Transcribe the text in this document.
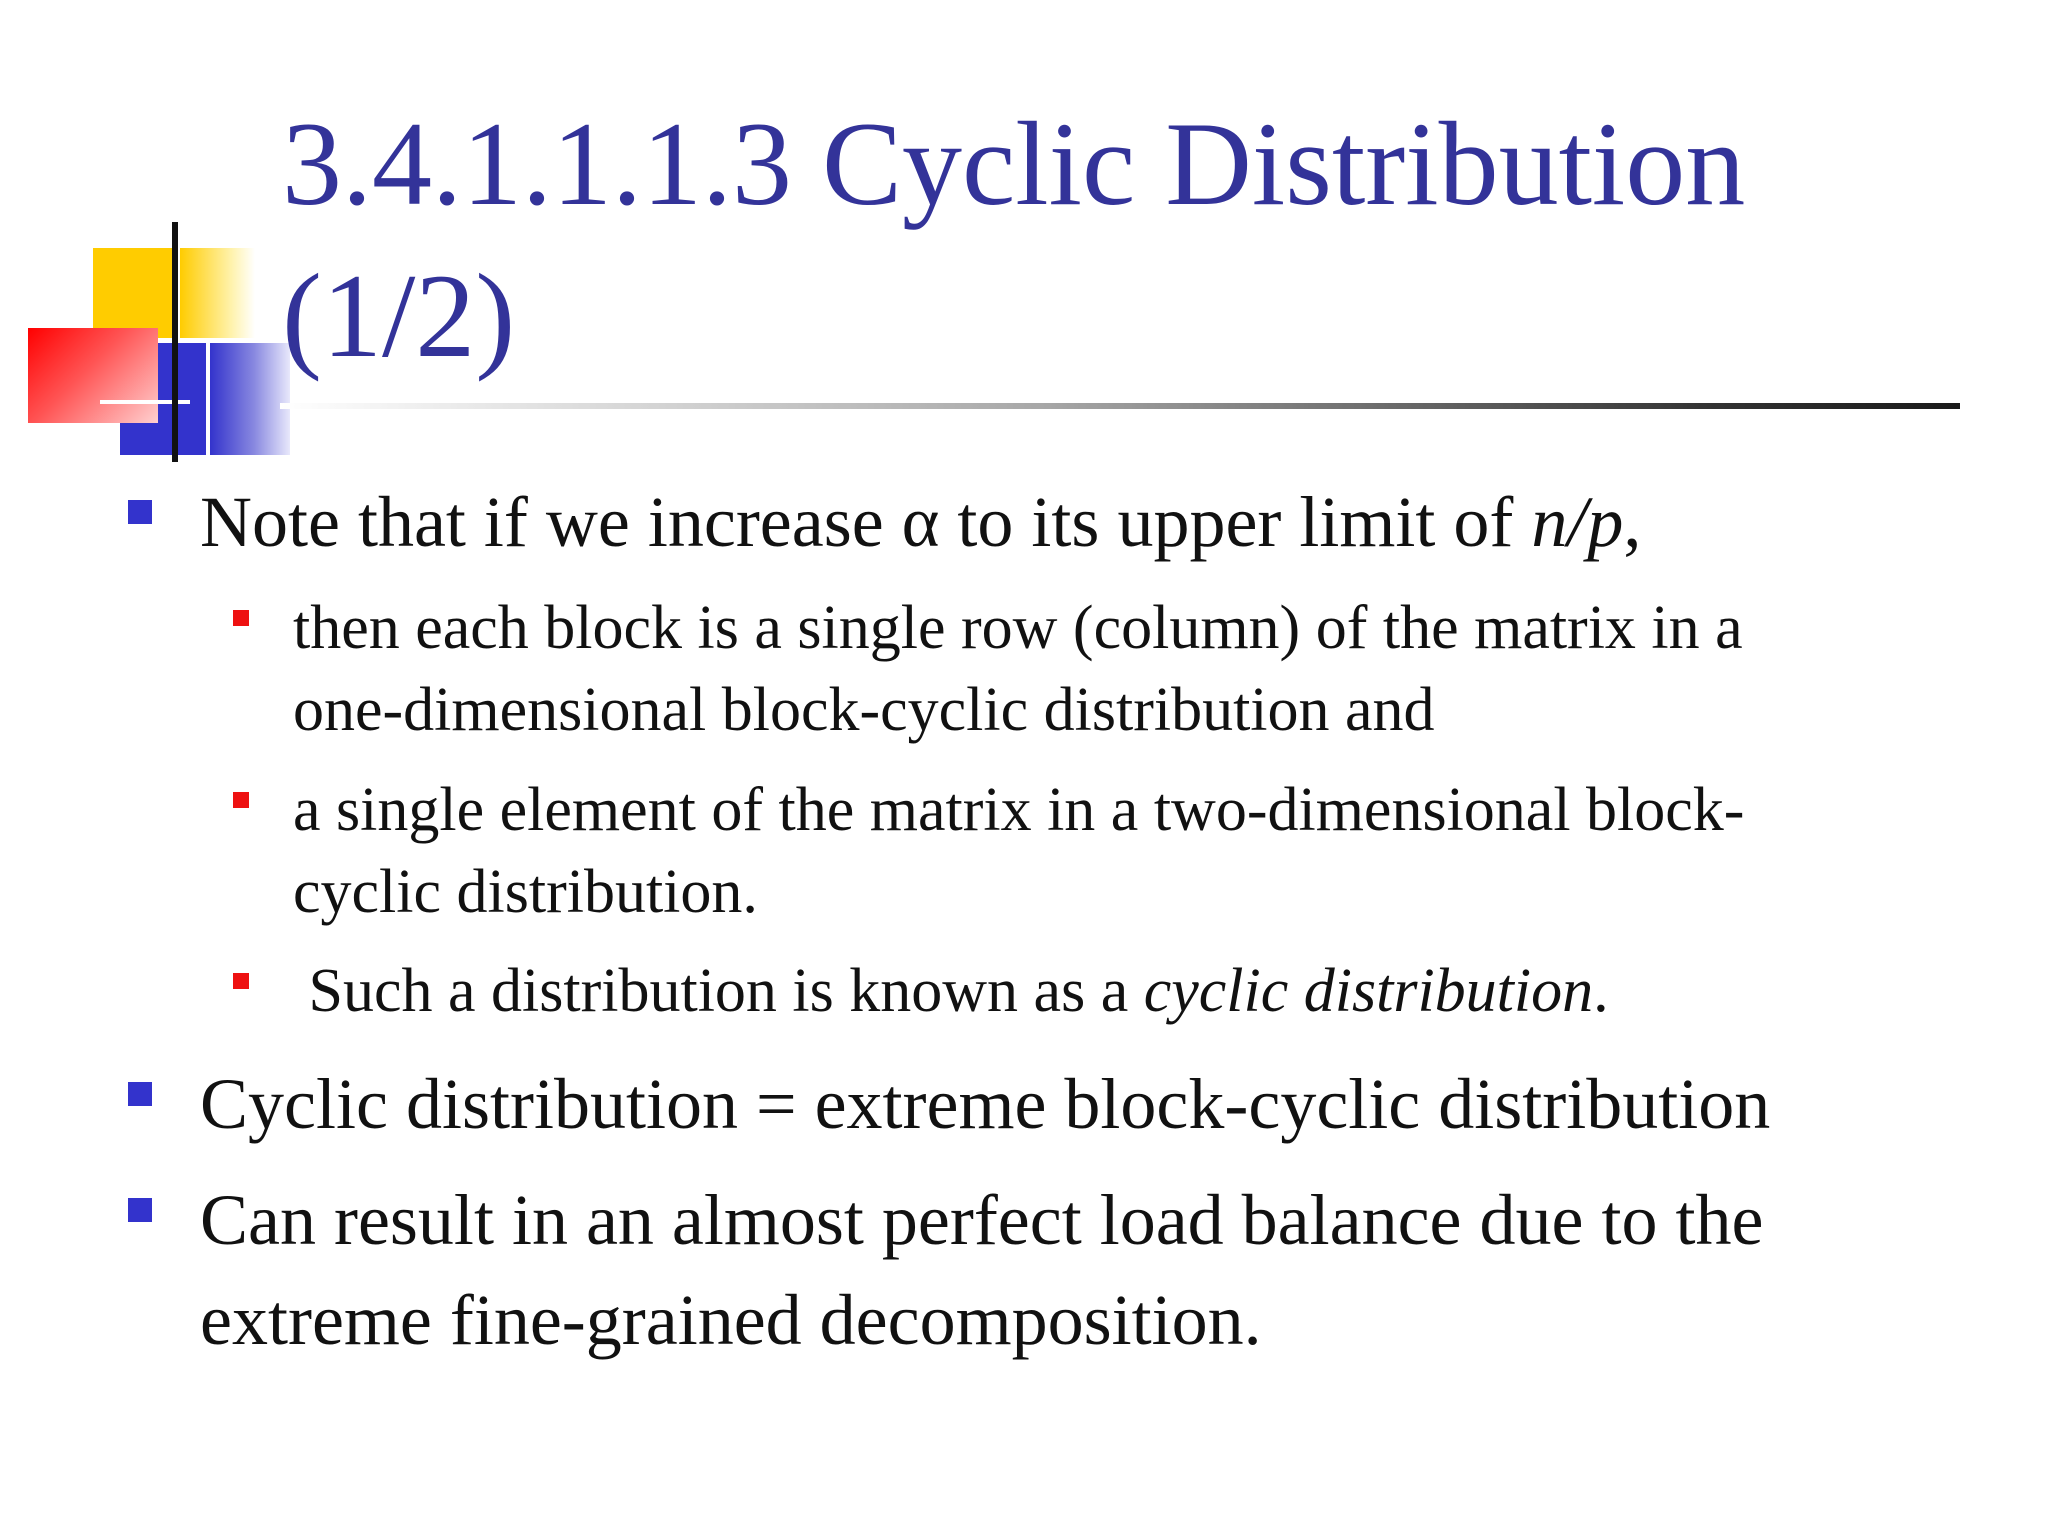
3.4.1.1.1.3 Cyclic Distribution
(1/2)
Note that if we increase α to its upper limit of n/p,
then each block is a single row (column) of the matrix in a
one-dimensional block-cyclic distribution and
a single element of the matrix in a two-dimensional block-
cyclic distribution.
Such a distribution is known as a cyclic distribution.
Cyclic distribution = extreme block-cyclic distribution
Can result in an almost perfect load balance due to the
extreme fine-grained decomposition.
